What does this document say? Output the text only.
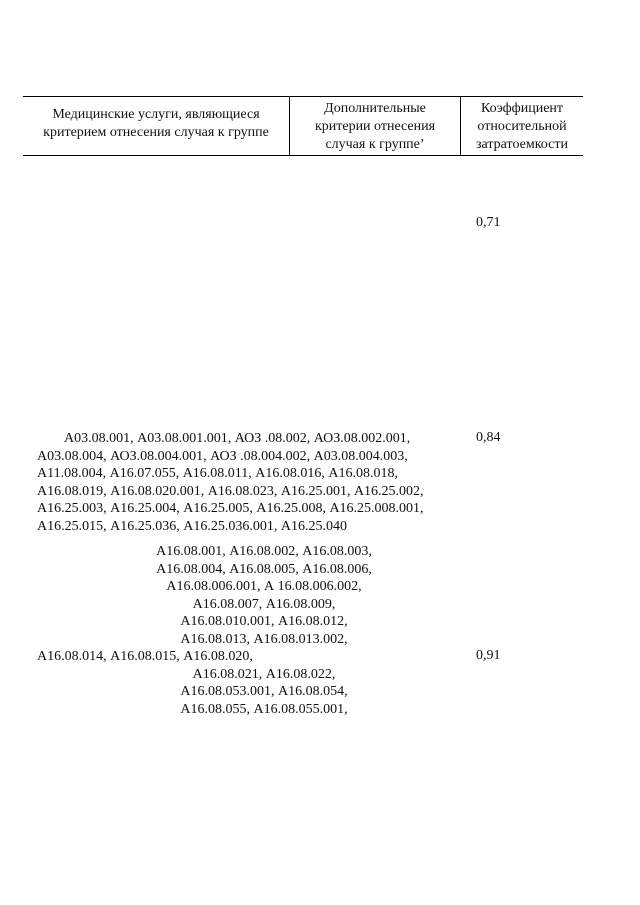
Медицинские услуги, являющиеся
критерием отнесения случая к группе
Дополнительные
критерии отнесения
случая к группе’
Коэффициент
относительной
затратоемкости
0,71
А03.08.001, А03.08.001.001, АОЗ .08.002, АОЗ.08.002.001,
А03.08.004, АОЗ.08.004.001, АОЗ .08.004.002, А03.08.004.003,
А11.08.004, А16.07.055, А16.08.011, А16.08.016, А16.08.018,
А16.08.019, А16.08.020.001, А16.08.023, А16.25.001, А16.25.002,
А16.25.003, А16.25.004, А16.25.005, А16.25.008, А16.25.008.001,
А16.25.015, А16.25.036, А16.25.036.001, А16.25.040
0,84
А16.08.001, А16.08.002, А16.08.003,
А16.08.004, А16.08.005, А16.08.006,
А16.08.006.001, А 16.08.006.002,
А16.08.007, А16.08.009,
А16.08.010.001, А16.08.012,
А16.08.013, А16.08.013.002,
А16.08.014, А16.08.015, А16.08.020,
А16.08.021, А16.08.022,
А16.08.053.001, А16.08.054,
А16.08.055, А16.08.055.001,
0,91
